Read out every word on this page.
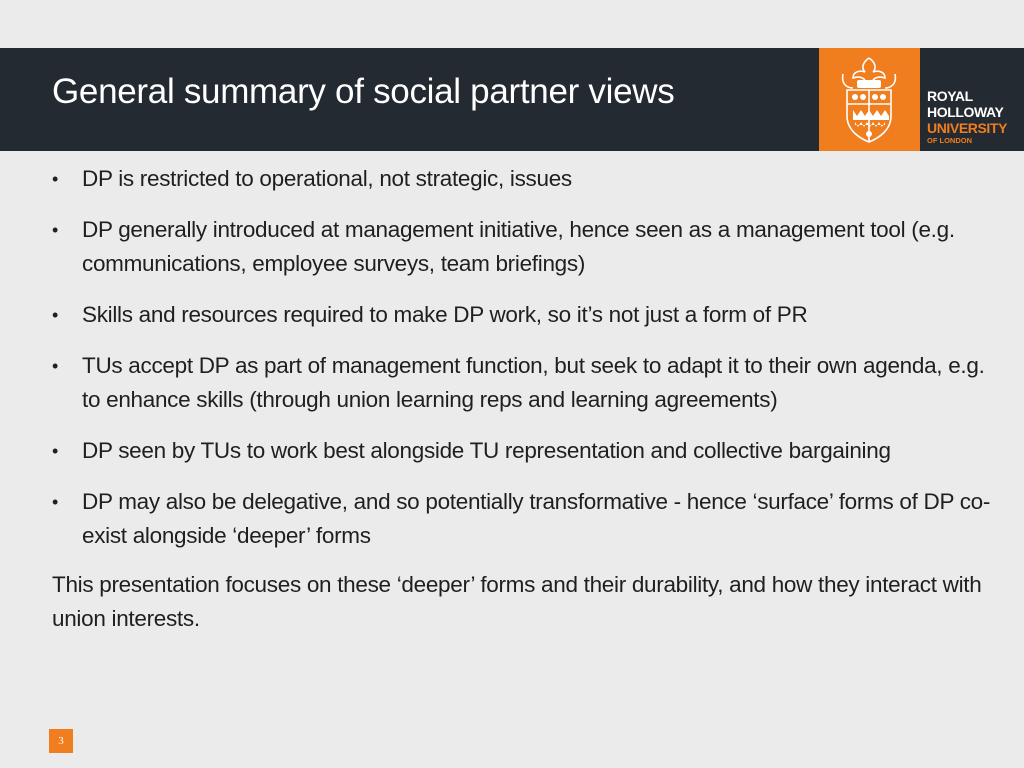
General summary of social partner views	ROYAL
HOLLOWAY
UNIVERSITY
OF LONDON
• DP is restricted to operational, not strategic, issues
• DP generally introduced at management initiative, hence seen as a management tool (e.g. communications, employee surveys, team briefings)
• Skills and resources required to make DP work, so it’s not just a form of PR
• TUs accept DP as part of management function, but seek to adapt it to their own agenda, e.g. to enhance skills (through union learning reps and learning agreements)
• DP seen by TUs to work best alongside TU representation and collective bargaining
• DP may also be delegative, and so potentially transformative - hence ‘surface’ forms of DP co-exist alongside ‘deeper’ forms

This presentation focuses on these ‘deeper’ forms and their durability, and how they interact with union interests.

3
